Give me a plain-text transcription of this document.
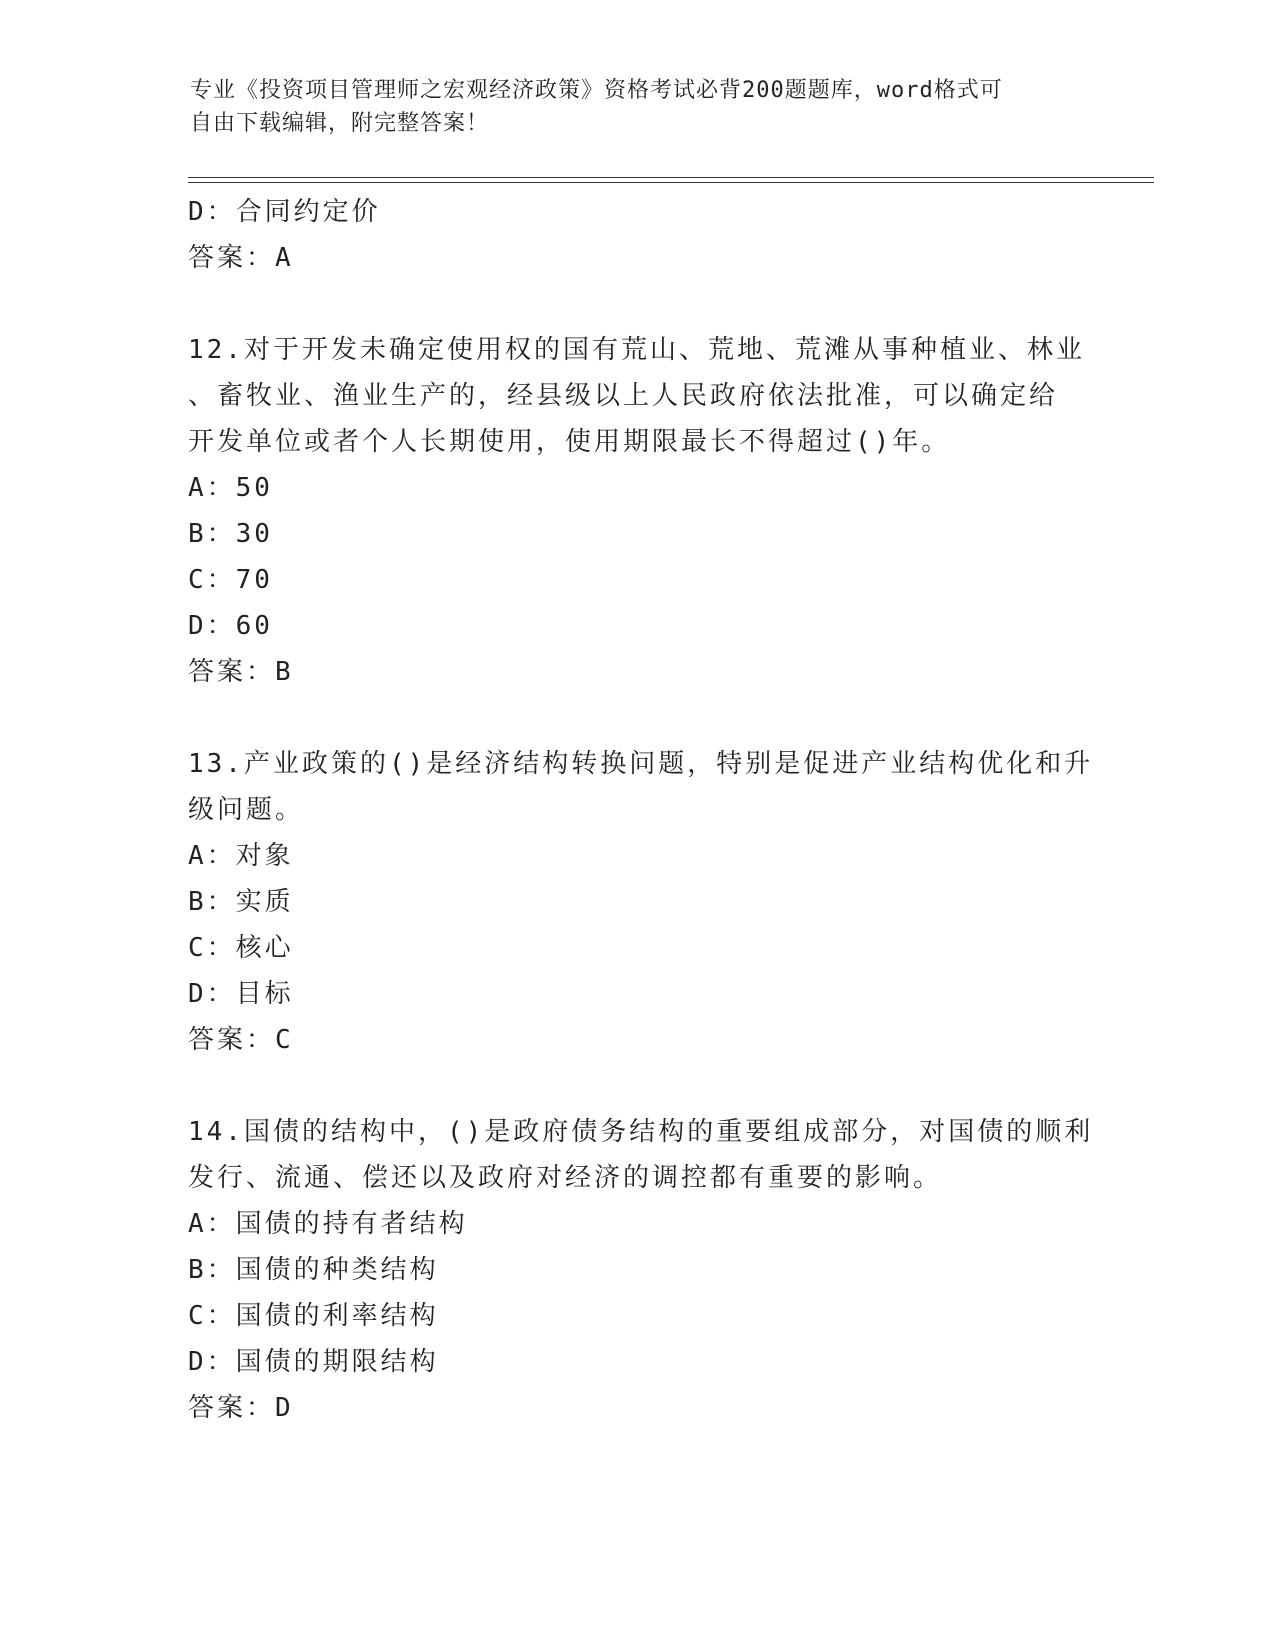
专业《投资项目管理师之宏观经济政策》资格考试必背200题题库，word格式可
自由下载编辑，附完整答案！
D：合同约定价
答案：A
12.对于开发未确定使用权的国有荒山、荒地、荒滩从事种植业、林业
、畜牧业、渔业生产的，经县级以上人民政府依法批准，可以确定给
开发单位或者个人长期使用，使用期限最长不得超过()年。
A：50
B：30
C：70
D：60
答案：B
13.产业政策的()是经济结构转换问题，特别是促进产业结构优化和升
级问题。
A：对象
B：实质
C：核心
D：目标
答案：C
14.国债的结构中，()是政府债务结构的重要组成部分，对国债的顺利
发行、流通、偿还以及政府对经济的调控都有重要的影响。
A：国债的持有者结构
B：国债的种类结构
C：国债的利率结构
D：国债的期限结构
答案：D
